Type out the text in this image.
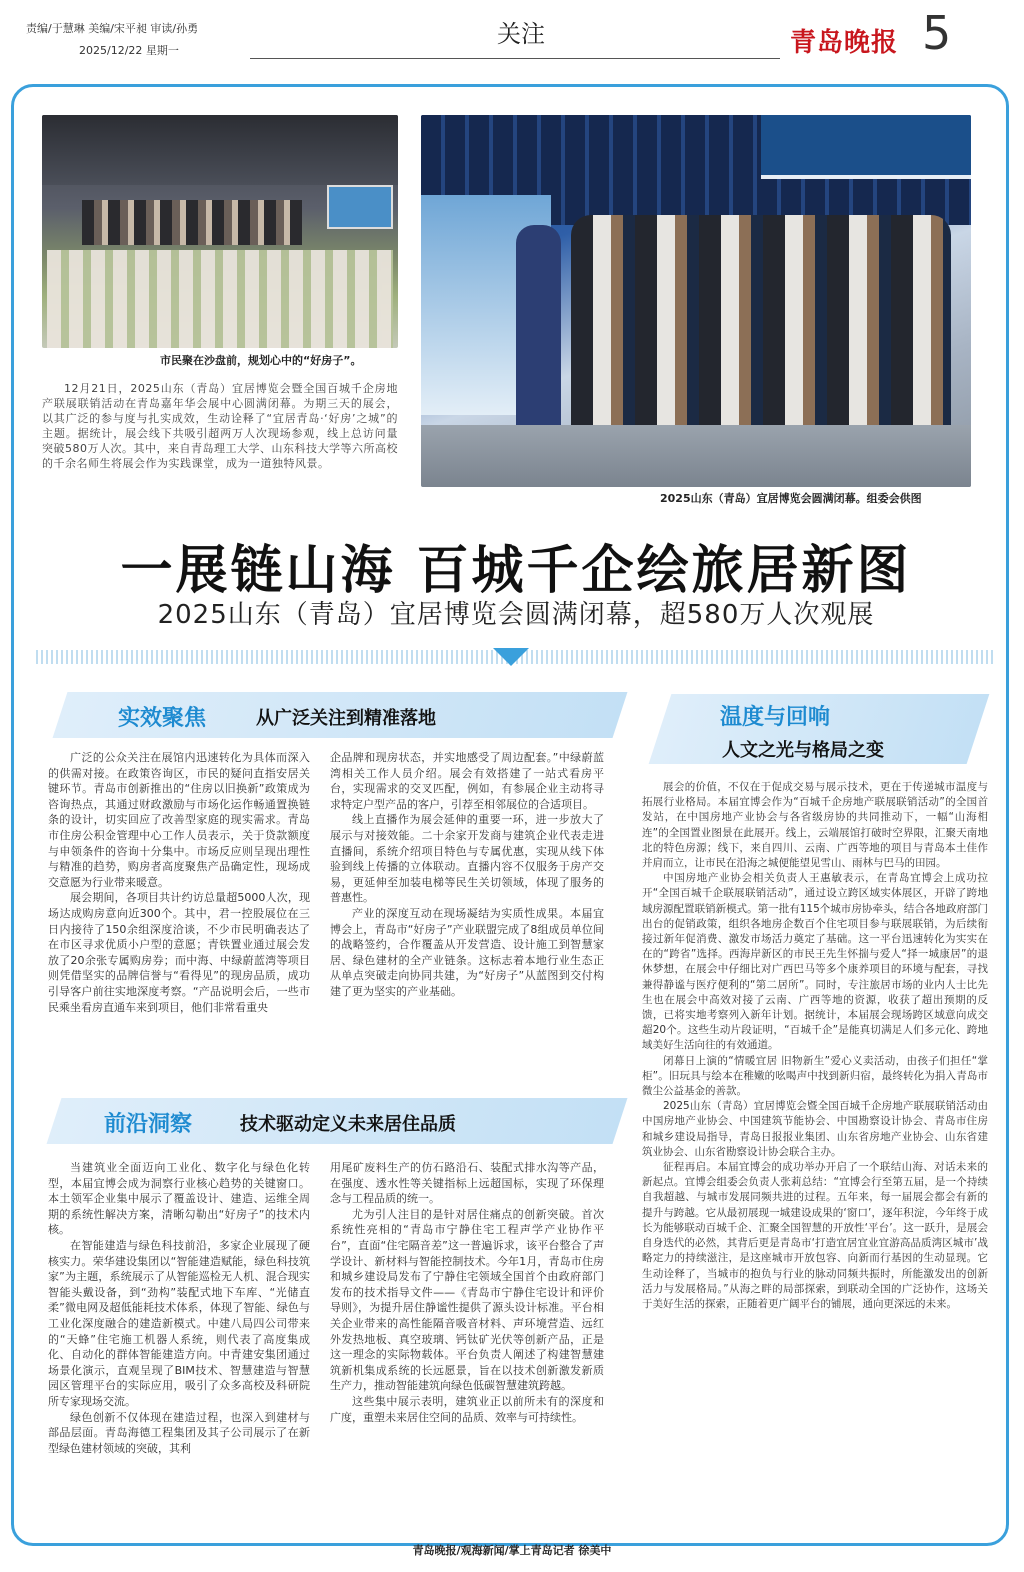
责编/于慧琳 美编/宋平昶 审读/孙勇
2025/12/22 星期一
关注	青岛晚报 5
市民聚在沙盘前，规划心中的“好房子”。
12月21日，2025山东（青岛）宜居博览会暨全国百城千企房地产联展联销活动在青岛嘉年华会展中心圆满闭幕。为期三天的展会，以其广泛的参与度与扎实成效，生动诠释了“宜居青岛·‘好房’之城”的主题。据统计，展会线下共吸引超两万人次现场参观，线上总访问量突破580万人次。其中，来自青岛理工大学、山东科技大学等六所高校的千余名师生将展会作为实践课堂，成为一道独特风景。
2025山东（青岛）宜居博览会圆满闭幕。组委会供图
一展链山海 百城千企绘旅居新图
2025山东（青岛）宜居博览会圆满闭幕，超580万人次观展
实效聚焦	从广泛关注到精准落地

广泛的公众关注在展馆内迅速转化为具体而深入的供需对接。在政策咨询区，市民的疑问直指安居关键环节。青岛市创新推出的“住房以旧换新”政策成为咨询热点，其通过财政激励与市场化运作畅通置换链条的设计，切实回应了改善型家庭的现实需求。青岛市住房公积金管理中心工作人员表示，关于贷款额度与申领条件的咨询十分集中。市场反应则呈现出理性与精准的趋势，购房者高度聚焦产品确定性，现场成交意愿为行业带来暖意。

展会期间，各项目共计约访总量超5000人次，现场达成购房意向近300个。其中，君一控股展位在三日内接待了150余组深度洽谈，不少市民明确表达了在市区寻求优质小户型的意愿；青铁置业通过展会发放了20余张专属购房券；而中海、中绿蔚蓝湾等项目则凭借坚实的品牌信誉与“看得见”的现房品质，成功引导客户前往实地深度考察。“产品说明会后，一些市民乘坐看房直通车来到项目，他们非常看重央

企品牌和现房状态，并实地感受了周边配套。”中绿蔚蓝湾相关工作人员介绍。展会有效搭建了一站式看房平台，实现需求的交叉匹配，例如，有参展企业主动将寻求特定户型产品的客户，引荐至相邻展位的合适项目。

线上直播作为展会延伸的重要一环，进一步放大了展示与对接效能。二十余家开发商与建筑企业代表走进直播间，系统介绍项目特色与专属优惠，实现从线下体验到线上传播的立体联动。直播内容不仅服务于房产交易，更延伸至加装电梯等民生关切领域，体现了服务的普惠性。

产业的深度互动在现场凝结为实质性成果。本届宜博会上，青岛市“好房子”产业联盟完成了8组成员单位间的战略签约，合作覆盖从开发营造、设计施工到智慧家居、绿色建材的全产业链条。这标志着本地行业生态正从单点突破走向协同共建，为“好房子”从蓝图到交付构建了更为坚实的产业基础。

前沿洞察	技术驱动定义未来居住品质

当建筑业全面迈向工业化、数字化与绿色化转型，本届宜博会成为洞察行业核心趋势的关键窗口。本土领军企业集中展示了覆盖设计、建造、运维全周期的系统性解决方案，清晰勾勒出“好房子”的技术内核。

在智能建造与绿色科技前沿，多家企业展现了硬核实力。荣华建设集团以“智能建造赋能，绿色科技筑家”为主题，系统展示了从智能巡检无人机、混合现实智能头戴设备，到“劲构”装配式地下车库、“光储直柔”微电网及超低能耗技术体系，体现了智能、绿色与工业化深度融合的建造新模式。中建八局四公司带来的“天蜂”住宅施工机器人系统，则代表了高度集成化、自动化的群体智能建造方向。中青建安集团通过场景化演示，直观呈现了BIM技术、智慧建造与智慧园区管理平台的实际应用，吸引了众多高校及科研院所专家现场交流。

绿色创新不仅体现在建造过程，也深入到建材与部品层面。青岛海德工程集团及其子公司展示了在新型绿色建材领域的突破，其利

用尾矿废料生产的仿石路沿石、装配式排水沟等产品，在强度、透水性等关键指标上远超国标，实现了环保理念与工程品质的统一。

尤为引人注目的是针对居住痛点的创新突破。首次系统性亮相的“青岛市宁静住宅工程声学产业协作平台”，直面“住宅隔音差”这一普遍诉求，该平台整合了声学设计、新材料与智能控制技术。今年1月，青岛市住房和城乡建设局发布了宁静住宅领域全国首个由政府部门发布的技术指导文件——《青岛市宁静住宅设计和评价导则》，为提升居住静谧性提供了源头设计标准。平台相关企业带来的高性能隔音吸音材料、声环境营造、远红外发热地板、真空玻璃、钙钛矿光伏等创新产品，正是这一理念的实际物载体。平台负责人阐述了构建智慧建筑新机集成系统的长远愿景，旨在以技术创新激发新质生产力，推动智能建筑向绿色低碳智慧建筑跨越。

这些集中展示表明，建筑业正以前所未有的深度和广度，重塑未来居住空间的品质、效率与可持续性。

温度与回响
人文之光与格局之变

展会的价值，不仅在于促成交易与展示技术，更在于传递城市温度与拓展行业格局。本届宜博会作为“百城千企房地产联展联销活动”的全国首发站，在中国房地产业协会与各省级房协的共同推动下，一幅“山海相连”的全国置业图景在此展开。线上，云端展馆打破时空界限，汇聚天南地北的特色房源；线下，来自四川、云南、广西等地的项目与青岛本土佳作并肩而立，让市民在沿海之城便能望见雪山、雨林与巴马的田园。

中国房地产业协会相关负责人王惠敏表示，在青岛宜博会上成功拉开“全国百城千企联展联销活动”，通过设立跨区域实体展区，开辟了跨地域房源配置联销新模式。第一批有115个城市房协牵头，结合各地政府部门出台的促销政策，组织各地房企数百个住宅项目参与联展联销，为后续衔接过新年促消费、激发市场活力奠定了基础。这一平台迅速转化为实实在在的“跨省”选择。西海岸新区的市民王先生怀揣与爱人“择一城康居”的退休梦想，在展会中仔细比对广西巴马等多个康养项目的环境与配套，寻找兼得静谧与医疗便利的“第二居所”。同时，专注旅居市场的业内人士比先生也在展会中高效对接了云南、广西等地的资源，收获了超出预期的反馈，已将实地考察列入新年计划。据统计，本届展会现场跨区域意向成交超20个。这些生动片段证明，“百城千企”是能真切满足人们多元化、跨地域美好生活向往的有效通道。

闭幕日上演的“情暖宜居 旧物新生”爱心义卖活动，由孩子们担任“掌柜”。旧玩具与绘本在稚嫩的吆喝声中找到新归宿，最终转化为捐入青岛市微尘公益基金的善款。

2025山东（青岛）宜居博览会暨全国百城千企房地产联展联销活动由中国房地产业协会、中国建筑节能协会、中国勘察设计协会、青岛市住房和城乡建设局指导，青岛日报报业集团、山东省房地产业协会、山东省建筑业协会、山东省勘察设计协会联合主办。

征程再启。本届宜博会的成功举办开启了一个联结山海、对话未来的新起点。宜博会组委会负责人张莉总结：“宜博会行至第五届，是一个持续自我超越、与城市发展同频共进的过程。五年来，每一届展会都会有新的提升与跨越。它从最初展现一城建设成果的‘窗口’，逐年积淀，今年终于成长为能够联动百城千企、汇聚全国智慧的开放性‘平台’。这一跃升，是展会自身迭代的必然，其背后更是青岛市‘打造宜居宜业宜游高品质湾区城市’战略定力的持续滋注，是这座城市开放包容、向新而行基因的生动显现。它生动诠释了，当城市的抱负与行业的脉动同频共振时，所能激发出的创新活力与发展格局。”从海之畔的局部探索，到联动全国的广泛协作，这场关于美好生活的探索，正随着更广阔平台的铺展，通向更深远的未来。

青岛晚报/观海新闻/掌上青岛记者 徐美中
